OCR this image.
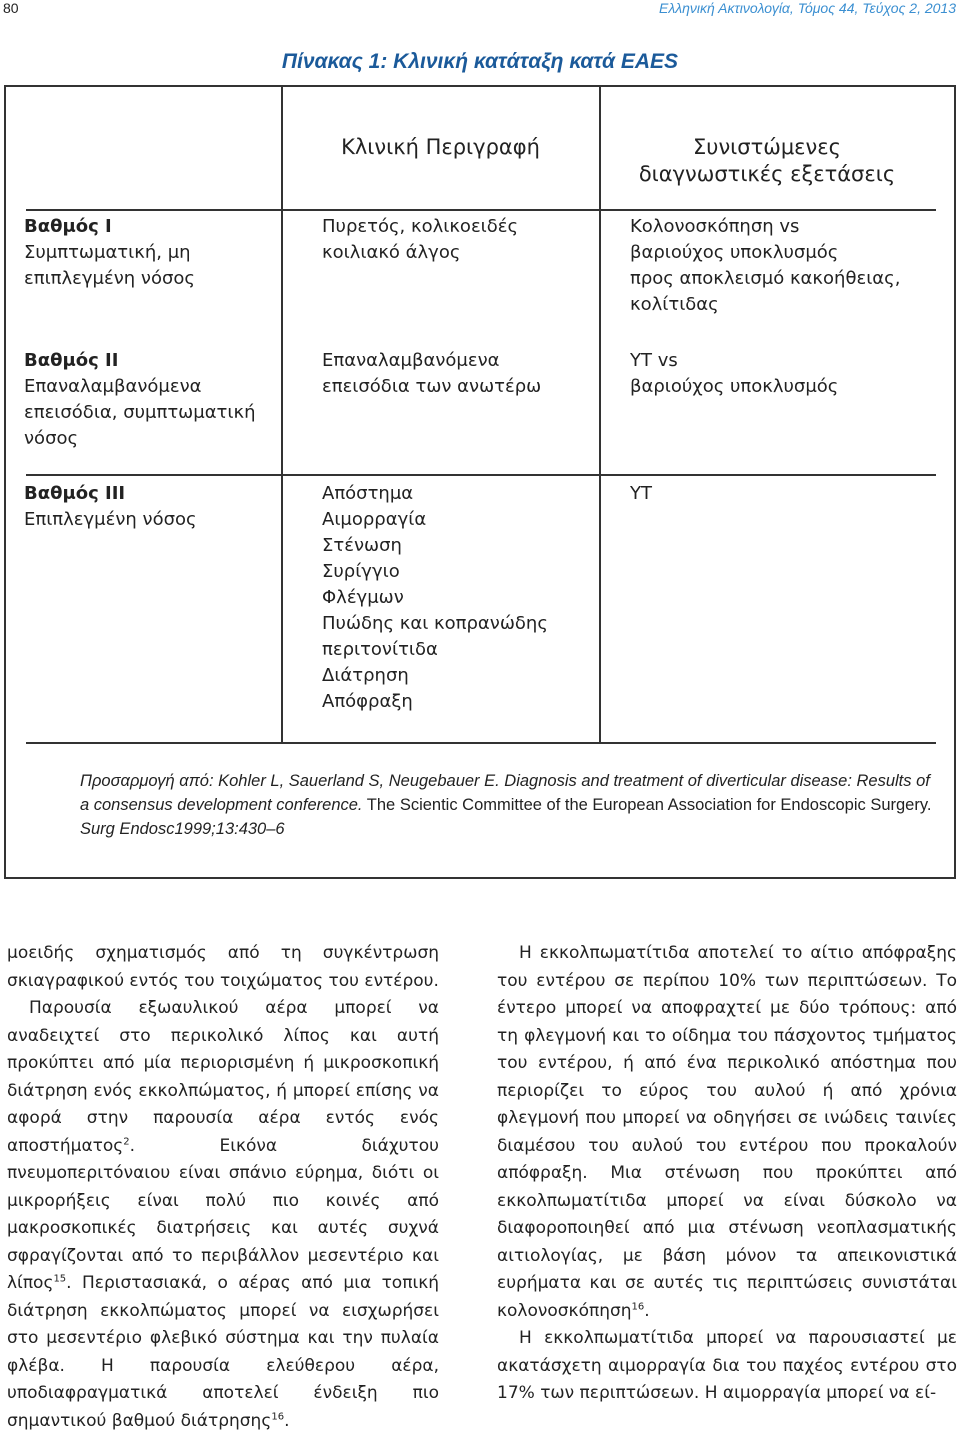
80	Ελληνική Ακτινολογία, Τόμος 44, Τεύχος 2, 2013
Πίνακας 1: Κλινική κατάταξη κατά EAES
Κλινική Περιγραφή	Συνιστώμενες
διαγνωστικές εξετάσεις
Βαθμός Ι
Συμπτωματική, μη
επιπλεγμένη νόσος
Πυρετός, κολικοειδές
κοιλιακό άλγος
Κολονοσκόπηση vs
βαριούχος υποκλυσμός
προς αποκλεισμό κακοήθειας,
κολίτιδας
Βαθμός ΙΙ
Επαναλαμβανόμενα
επεισόδια, συμπτωματική
νόσος
Επαναλαμβανόμενα
επεισόδια των ανωτέρω
ΥΤ vs
βαριούχος υποκλυσμός
Βαθμός ΙΙΙ
Επιπλεγμένη νόσος
Απόστημα
Αιμορραγία
Στένωση
Συρίγγιο
Φλέγμων
Πυώδης και κοπρανώδης
περιτονίτιδα
Διάτρηση
Απόφραξη
ΥΤ
Προσαρμογή από: Kohler L, Sauerland S, Neugebauer E. Diagnosis and treatment of diverticular disease: Results of a consensus development conference. The Scientic Committee of the European Association for Endoscopic Surgery. Surg Endosc1999;13:430–6

μοειδής σχηματισμός από τη συγκέντρωση σκιαγραφικού εντός του τοιχώματος του εντέρου.

Παρουσία εξωαυλικού αέρα μπορεί να αναδειχτεί στο περικολικό λίπος και αυτή προκύπτει από μία περιορισμένη ή μικροσκοπική διάτρηση ενός εκκολπώματος, ή μπορεί επίσης να αφορά στην παρουσία αέρα εντός ενός αποστήματος$^2$. Εικόνα διάχυτου πνευμοπεριτόναιου είναι σπάνιο εύρημα, διότι οι μικρορήξεις είναι πολύ πιο κοινές από μακροσκοπικές διατρήσεις και αυτές συχνά σφραγίζονται από το περιβάλλον μεσεντέριο και λίπος$^{15}$. Περιστασιακά, ο αέρας από μια τοπική διάτρηση εκκολπώματος μπορεί να εισχωρήσει στο μεσεντέριο φλεβικό σύστημα και την πυλαία φλέβα. Η παρουσία ελεύθερου αέρα, υποδιαφραγματικά αποτελεί ένδειξη πιο σημαντικού βαθμού διάτρησης$^{16}$.

Η εκκολπωματίτιδα αποτελεί το αίτιο απόφραξης του εντέρου σε περίπου 10% των περιπτώσεων. Το έντερο μπορεί να αποφραχτεί με δύο τρόπους: από τη φλεγμονή και το οίδημα του πάσχοντος τμήματος του εντέρου, ή από ένα περικολικό απόστημα που περιορίζει το εύρος του αυλού ή από χρόνια φλεγμονή που μπορεί να οδηγήσει σε ινώδεις ταινίες διαμέσου του αυλού του εντέρου που προκαλούν απόφραξη. Μια στένωση που προκύπτει από εκκολπωματίτιδα μπορεί να είναι δύσκολο να διαφοροποιηθεί από μια στένωση νεοπλασματικής αιτιολογίας, με βάση μόνον τα απεικονιστικά ευρήματα και σε αυτές τις περιπτώσεις συνιστάται κολονοσκόπηση$^{16}$.

Η εκκολπωματίτιδα μπορεί να παρουσιαστεί με ακατάσχετη αιμορραγία δια του παχέος εντέρου στο 17% των περιπτώσεων. Η αιμορραγία μπορεί να εί-
